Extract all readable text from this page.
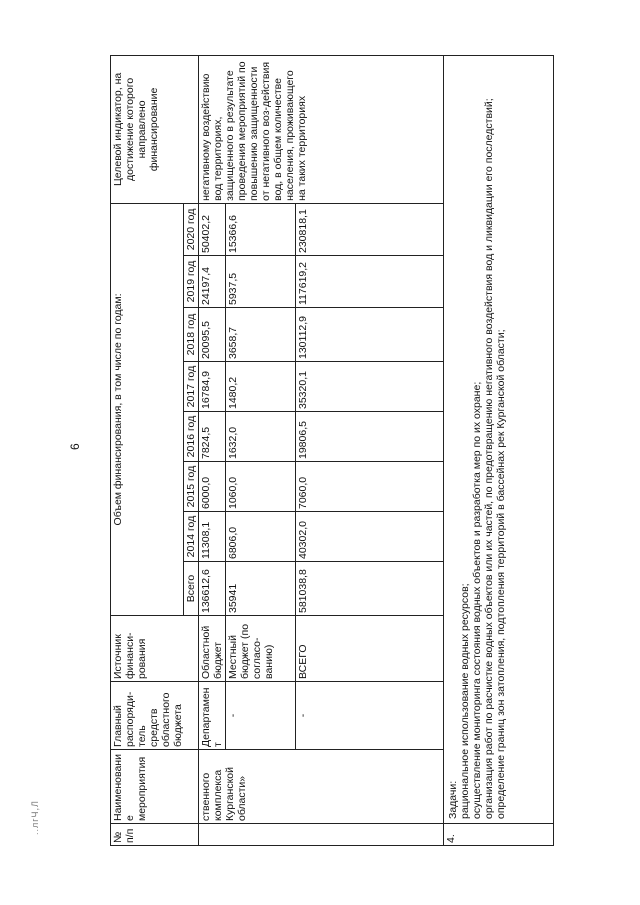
6
..лгЧ,Л
№ п/п	Наименование мероприятия	Главный распоряди-тель средств областного бюджета	Источник финанси-рования	Объем финансирования, в том числе по годам:								Целевой индикатор, на достижение которого направлено финансирование
				Всего	2014 год	2015 год	2016 год	2017 год	2018 год	2019 год	2020 год	
	ственного комплекса Курганской области»	Департамент	Областной бюджет	136612,6	11308,1	6000,0	7824,5	16784,9	20095,5	24197,4	50402,2	негативному воздействию вод территориях, защищенного в результате проведения мероприятий по повышению защищенности от негативного воз-действия вод, в общем количестве населения, проживающего на таких территориях
		-	Местный бюджет (по согласо-ванию)	35941	6806,0	1060,0	1632,0	1480,2	3658,7	5937,5	15366,6	
		-	ВСЕГО	581038,8	40302,0	7060,0	19806,5	35320,1	130112,9	117619,2	230818,1	
4.	Задачи: рациональное использование водных ресурсов; осуществление мониторинга состояния водных объектов и разработка мер по их охране; организация работ по расчистке водных объектов или их частей, по предотвращению негативного воздействия вод и ликвидации его последствий; определение границ зон затопления, подтопления территорий в бассейнах рек Курганской области;											
